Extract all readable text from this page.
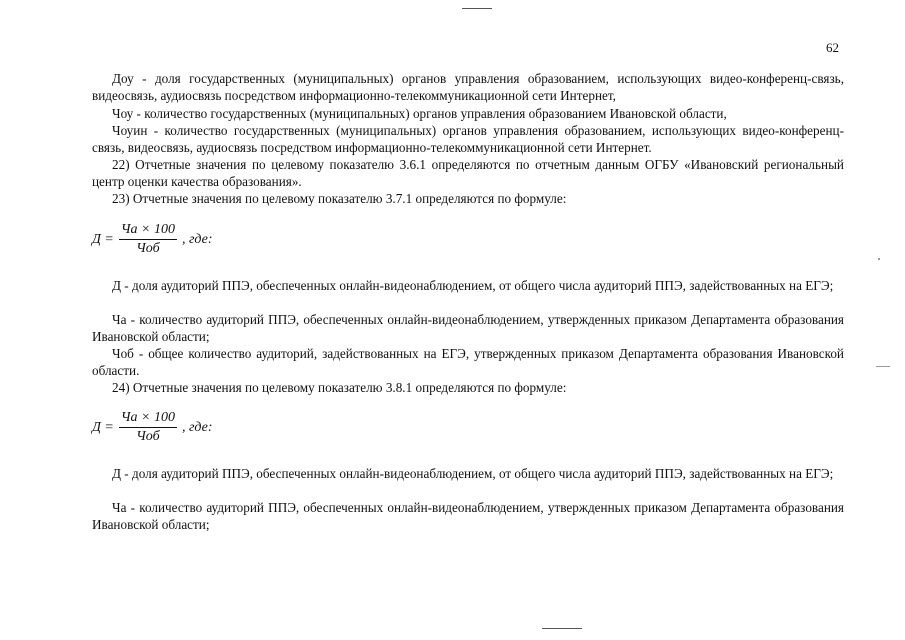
62

Доу - доля государственных (муниципальных) органов управления образованием, использующих видео-конференц-связь, видеосвязь, аудиосвязь посредством информационно-телекоммуникационной сети Интернет,

Чоу - количество государственных (муниципальных) органов управления образованием Ивановской области,

Чоуин - количество государственных (муниципальных) органов управления образованием, использующих видео-конференц-связь, видеосвязь, аудиосвязь посредством информационно-телекоммуникационной сети Интернет.

22) Отчетные значения по целевому показателю 3.6.1 определяются по отчетным данным ОГБУ «Ивановский региональный центр оценки качества образования».

23) Отчетные значения по целевому показателю 3.7.1 определяются по формуле:

$Д = \frac{Ча \times 100}{\text{Чоб}}$ , где:

Д - доля аудиторий ППЭ, обеспеченных онлайн-видеонаблюдением, от общего числа аудиторий ППЭ, задействованных на ЕГЭ;

Ча - количество аудиторий ППЭ, обеспеченных онлайн-видеонаблюдением, утвержденных приказом Департамента образования Ивановской области;

Чоб - общее количество аудиторий, задействованных на ЕГЭ, утвержденных приказом Департамента образования Ивановской области.

24) Отчетные значения по целевому показателю 3.8.1 определяются по формуле:

$Д = \frac{Ча \times 100}{\text{Чоб}}$ , где:

Д - доля аудиторий ППЭ, обеспеченных онлайн-видеонаблюдением, от общего числа аудиторий ППЭ, задействованных на ЕГЭ;

Ча - количество аудиторий ППЭ, обеспеченных онлайн-видеонаблюдением, утвержденных приказом Департамента образования Ивановской области;
